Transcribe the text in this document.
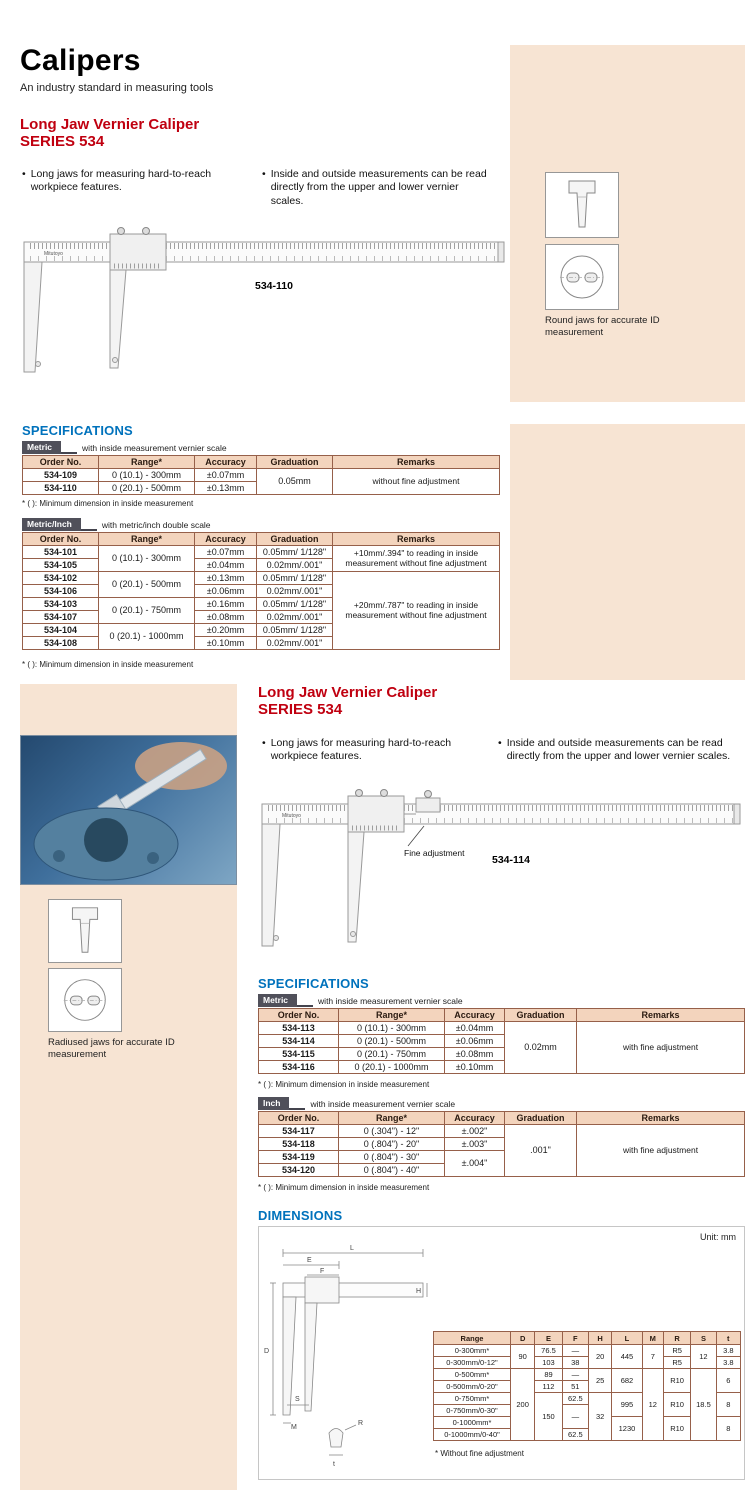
Calipers
An industry standard in measuring tools
Long Jaw Vernier Caliper
SERIES 534
• Long jaws for measuring hard-to-reach workpiece features.
• Inside and outside measurements can be read directly from the upper and lower vernier scales.
Mitutoyo
534-110
Round jaws for accurate ID measurement
SPECIFICATIONS
Metric	with inside measurement vernier scale
Order No.	Range*	Accuracy	Graduation	Remarks
534-109	0 (10.1) - 300mm	±0.07mm	0.05mm	without fine adjustment
534-110	0 (20.1) - 500mm	±0.13mm		
* ( ): Minimum dimension in inside measurement
Metric/Inch	with metric/inch double scale
Order No.	Range*	Accuracy	Graduation	Remarks
534-101	0 (10.1) - 300mm	±0.07mm	0.05mm/ 1/128"	+10mm/.394" to reading in inside measurement without fine adjustment
534-105		±0.04mm	0.02mm/.001"	
534-102	0 (20.1) - 500mm	±0.13mm	0.05mm/ 1/128"	+20mm/.787" to reading in inside measurement without fine adjustment
534-106		±0.06mm	0.02mm/.001"	
534-103	0 (20.1) - 750mm	±0.16mm	0.05mm/ 1/128"	
534-107		±0.08mm	0.02mm/.001"	
534-104	0 (20.1) - 1000mm	±0.20mm	0.05mm/ 1/128"	
534-108		±0.10mm	0.02mm/.001"	
* ( ): Minimum dimension in inside measurement
Radiused jaws for accurate ID measurement
Long Jaw Vernier Caliper
SERIES 534
• Long jaws for measuring hard-to-reach workpiece features.
• Inside and outside measurements can be read directly from the upper and lower vernier scales.
Mitutoyo
Fine adjustment
534-114
SPECIFICATIONS
Metric	with inside measurement vernier scale
Order No.	Range*	Accuracy	Graduation	Remarks
534-113	0 (10.1) - 300mm	±0.04mm	0.02mm	with fine adjustment
534-114	0 (20.1) - 500mm	±0.06mm		
534-115	0 (20.1) - 750mm	±0.08mm		
534-116	0 (20.1) - 1000mm	±0.10mm		
* ( ): Minimum dimension in inside measurement
Inch	with inside measurement vernier scale
Order No.	Range*	Accuracy	Graduation	Remarks
534-117	0 (.304") - 12"	±.002"	.001"	with fine adjustment
534-118	0 (.804") - 20"	±.003"		
534-119	0 (.804") - 30"	±.004"		
534-120	0 (.804") - 40"			
* ( ): Minimum dimension in inside measurement
DIMENSIONS
Unit: mm
L
E
F
H
D
S
M
R
t
Range	D	E	F	H	L	M	R	S	t
0-300mm*	90	76.5	—	20	445	7	R5	12	3.8
0-300mm/0-12"		103	38				R5		3.8
0-500mm*	200	89	—	25	682	12	R10	18.5	6
0-500mm/0-20"		112	51						
0-750mm*		150	62.5	32	995		R10		8
0-750mm/0-30"			—						
0-1000mm*					1230		R10		8
0-1000mm/0-40"			62.5						
* Without fine adjustment
